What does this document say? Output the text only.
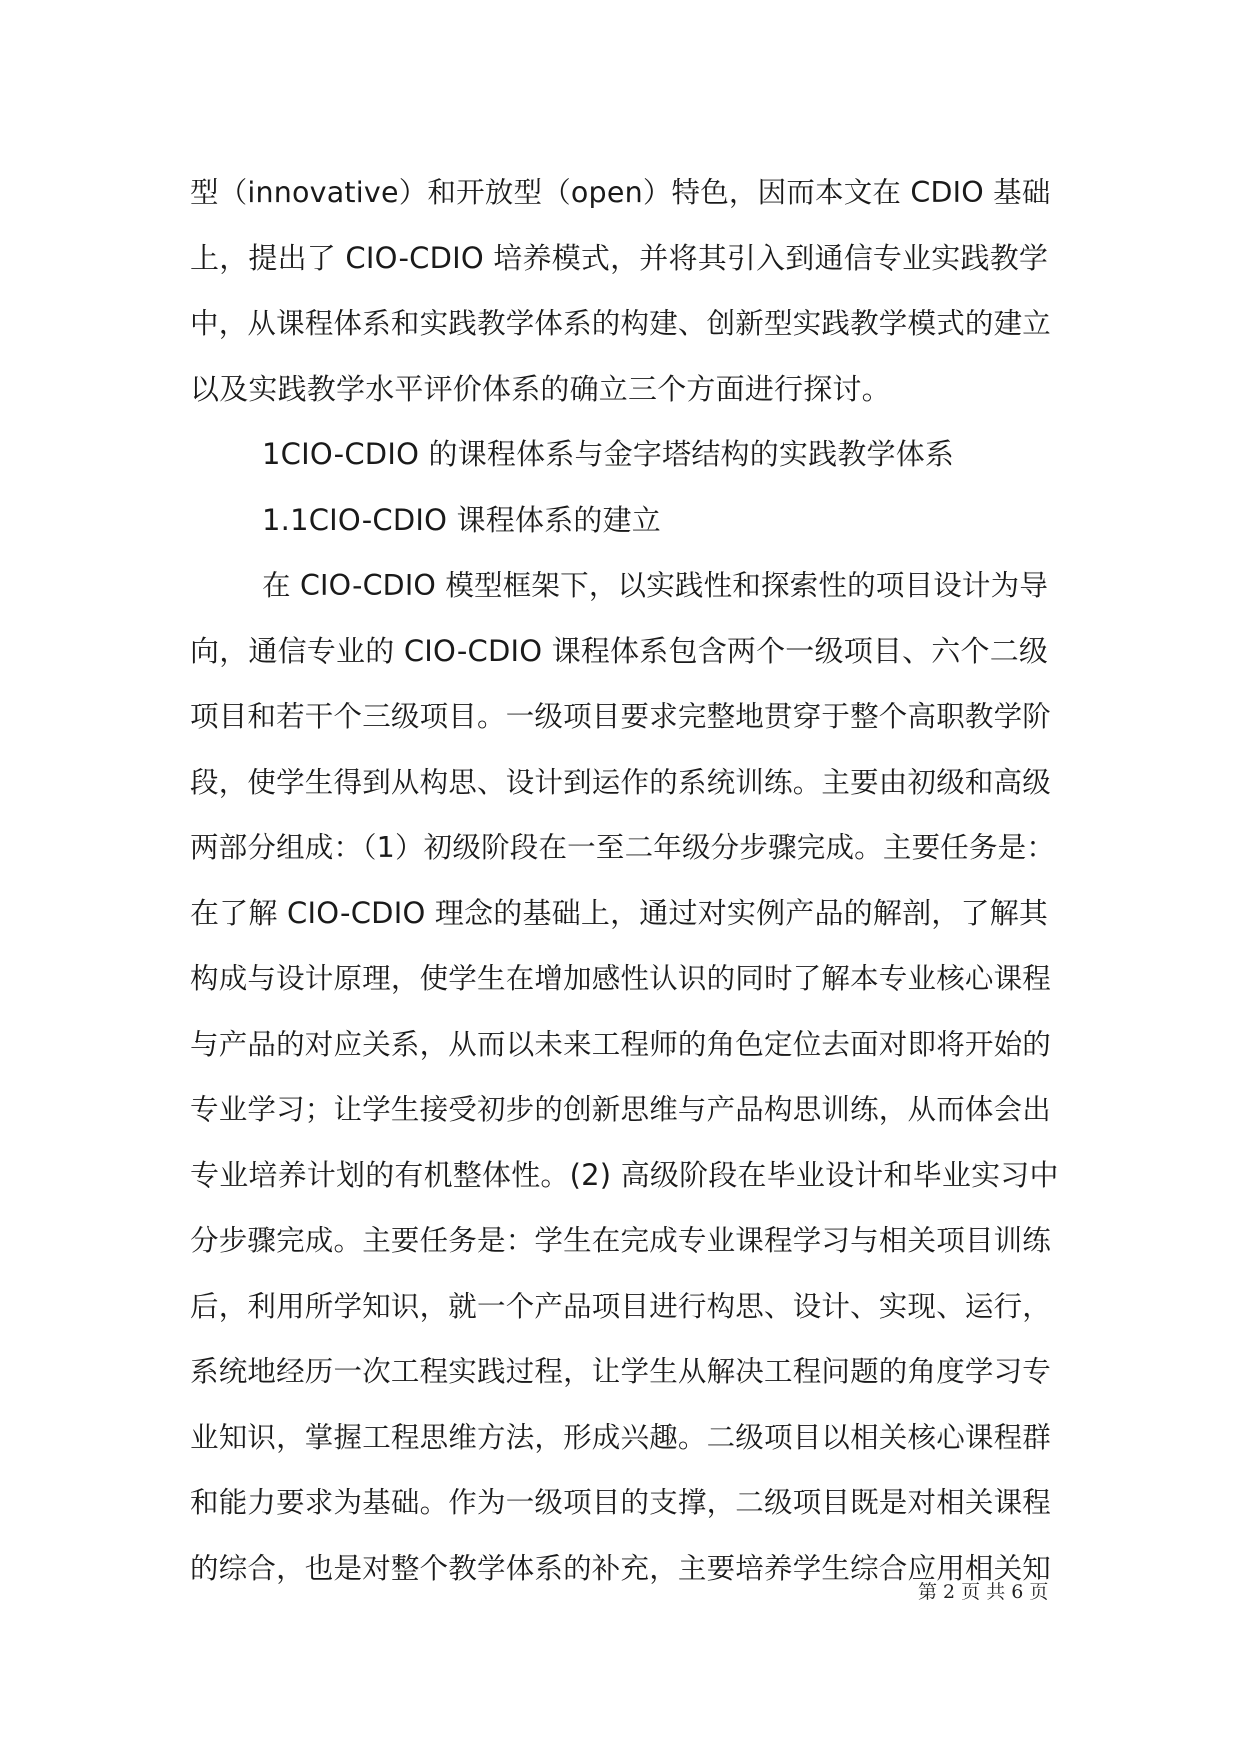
型（innovative）和开放型（open）特色，因而本文在 CDIO 基础
上，提出了 CIO-CDIO 培养模式，并将其引入到通信专业实践教学
中，从课程体系和实践教学体系的构建、创新型实践教学模式的建立
以及实践教学水平评价体系的确立三个方面进行探讨。
1CIO-CDIO 的课程体系与金字塔结构的实践教学体系
1.1CIO-CDIO 课程体系的建立
在 CIO-CDIO 模型框架下，以实践性和探索性的项目设计为导
向，通信专业的 CIO-CDIO 课程体系包含两个一级项目、六个二级
项目和若干个三级项目。一级项目要求完整地贯穿于整个高职教学阶
段，使学生得到从构思、设计到运作的系统训练。主要由初级和高级
两部分组成：（1）初级阶段在一至二年级分步骤完成。主要任务是：
在了解 CIO-CDIO 理念的基础上，通过对实例产品的解剖，了解其
构成与设计原理，使学生在增加感性认识的同时了解本专业核心课程
与产品的对应关系，从而以未来工程师的角色定位去面对即将开始的
专业学习；让学生接受初步的创新思维与产品构思训练，从而体会出
专业培养计划的有机整体性。(2) 高级阶段在毕业设计和毕业实习中
分步骤完成。主要任务是：学生在完成专业课程学习与相关项目训练
后，利用所学知识，就一个产品项目进行构思、设计、实现、运行，
系统地经历一次工程实践过程，让学生从解决工程问题的角度学习专
业知识，掌握工程思维方法，形成兴趣。二级项目以相关核心课程群
和能力要求为基础。作为一级项目的支撑，二级项目既是对相关课程
的综合，也是对整个教学体系的补充，主要培养学生综合应用相关知
第 2 页 共 6 页
